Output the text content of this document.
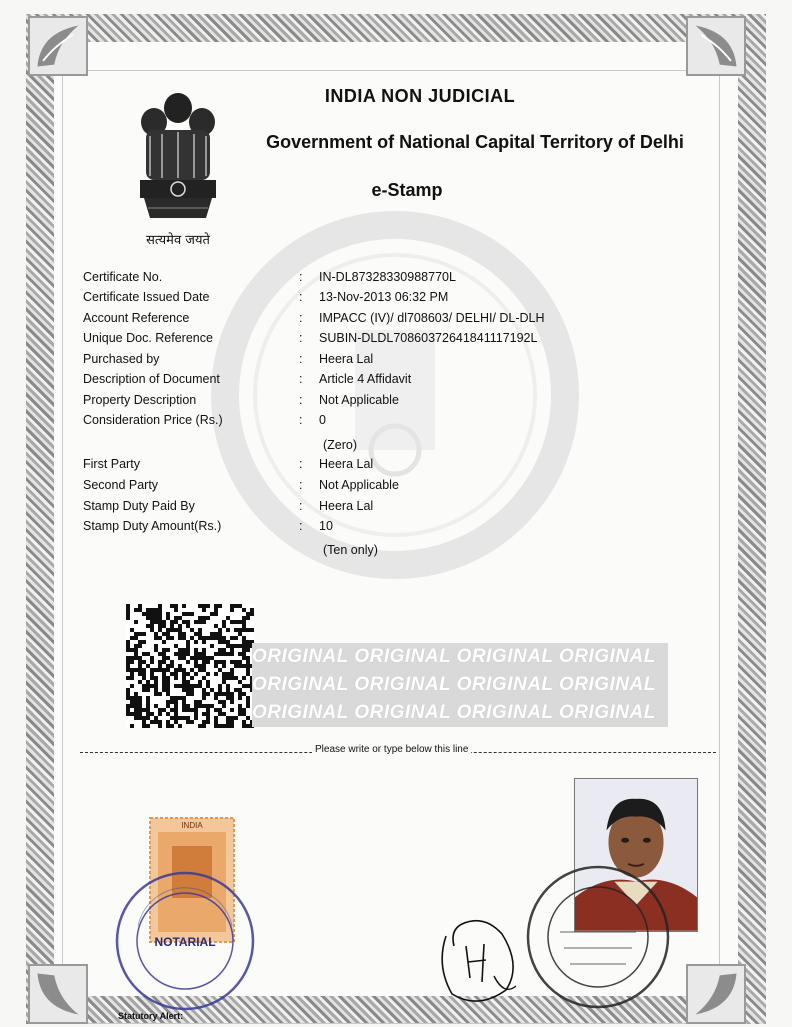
सत्यमेव जयते
INDIA NON JUDICIAL
Government of National Capital Territory of Delhi
e-Stamp
Certificate No.	: IN-DL87328330988770L
Certificate Issued Date	: 13-Nov-2013 06:32 PM
Account Reference	: IMPACC (IV)/ dl708603/ DELHI/ DL-DLH
Unique Doc. Reference	: SUBIN-DLDL70860372641841117192L
Purchased by	: Heera Lal
Description of Document	: Article 4 Affidavit
Property Description	: Not Applicable
Consideration Price (Rs.)	: 0
(Zero)
First Party	: Heera Lal
Second Party	: Not Applicable
Stamp Duty Paid By	: Heera Lal
Stamp Duty Amount(Rs.)	: 10
(Ten only)
ORIGINAL ORIGINAL ORIGINAL ORIGINAL
ORIGINAL ORIGINAL ORIGINAL ORIGINAL
ORIGINAL ORIGINAL ORIGINAL ORIGINAL
Please write or type below this line
INDIA
NOTARIAL
Statutory Alert:
